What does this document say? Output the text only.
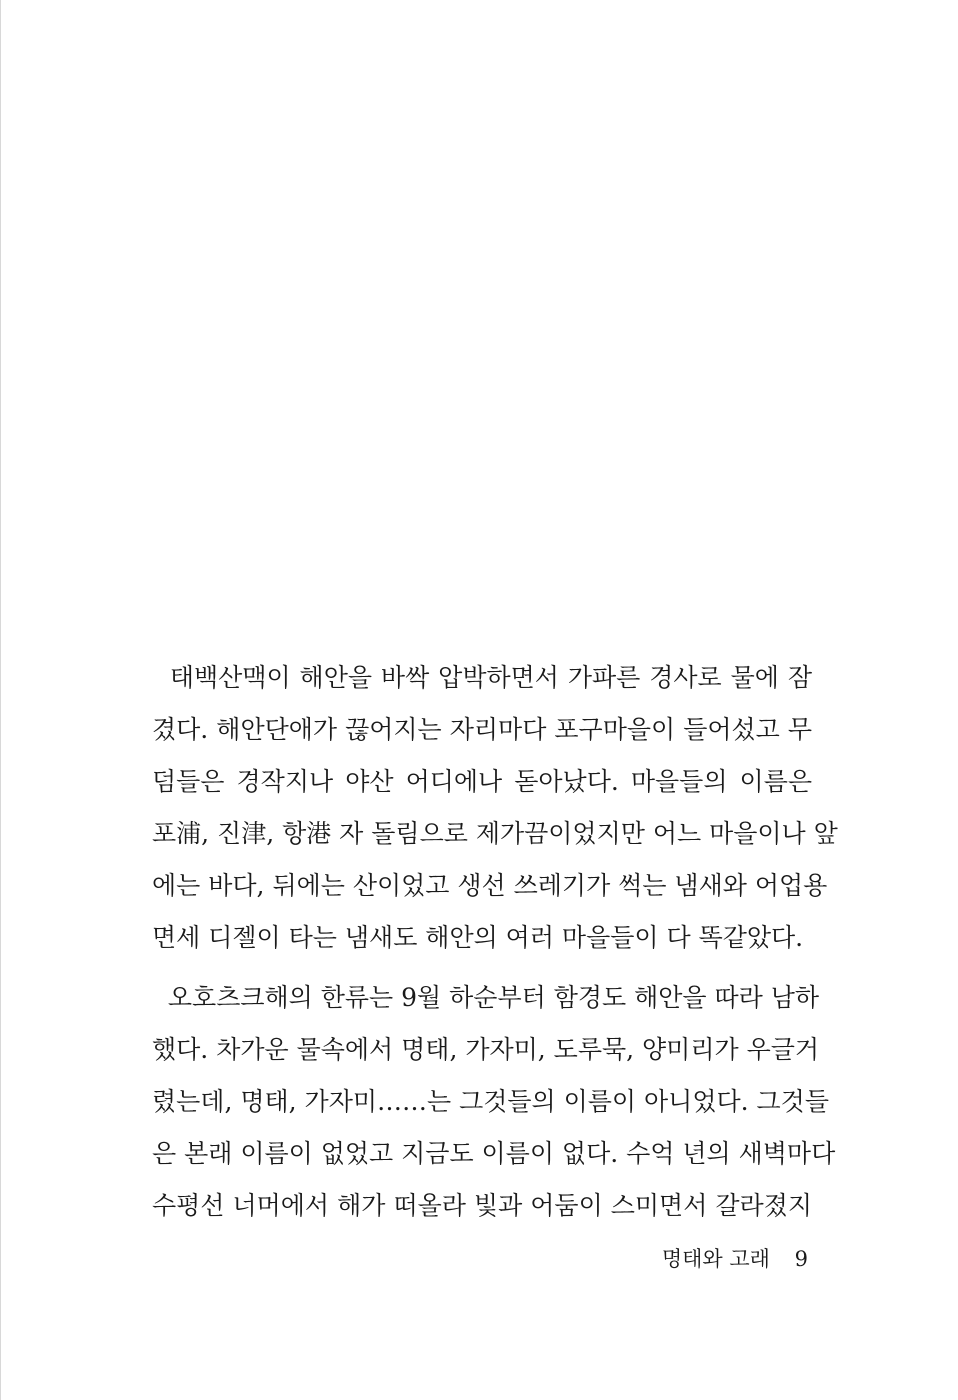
태백산맥이 해안을 바싹 압박하면서 가파른 경사로 물에 잠
겼다. 해안단애가 끊어지는 자리마다 포구마을이 들어섰고 무
덤들은 경작지나 야산 어디에나 돋아났다. 마을들의 이름은
포浦, 진津, 항港 자 돌림으로 제가끔이었지만 어느 마을이나 앞
에는 바다, 뒤에는 산이었고 생선 쓰레기가 썩는 냄새와 어업용
면세 디젤이 타는 냄새도 해안의 여러 마을들이 다 똑같았다.
오호츠크해의 한류는 9월 하순부터 함경도 해안을 따라 남하
했다. 차가운 물속에서 명태, 가자미, 도루묵, 양미리가 우글거
렸는데, 명태, 가자미……는 그것들의 이름이 아니었다. 그것들
은 본래 이름이 없었고 지금도 이름이 없다. 수억 년의 새벽마다
수평선 너머에서 해가 떠올라 빛과 어둠이 스미면서 갈라졌지
명태와 고래 9
